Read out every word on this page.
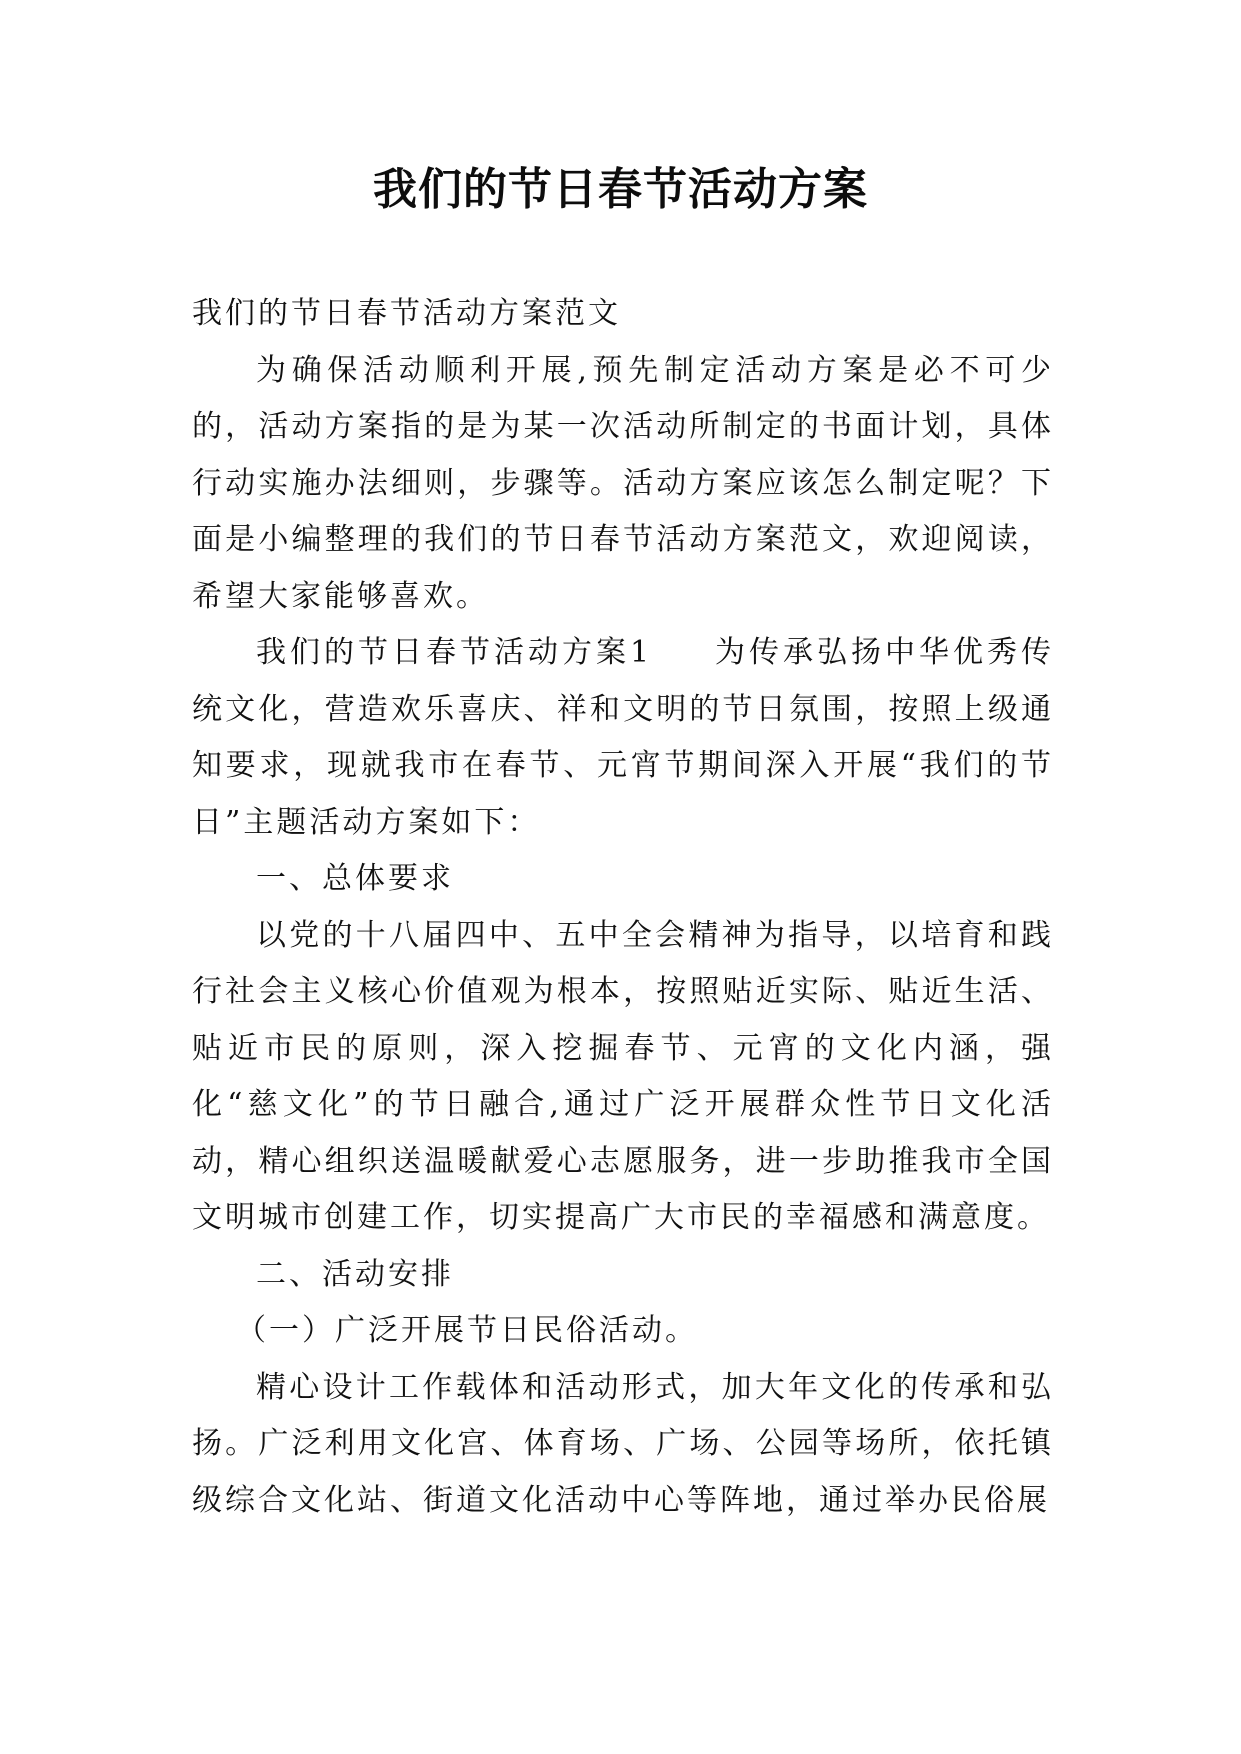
我们的节日春节活动方案

我们的节日春节活动方案范文

为确保活动顺利开展,预先制定活动方案是必不可少的，活动方案指的是为某一次活动所制定的书面计划，具体行动实施办法细则，步骤等。活动方案应该怎么制定呢？下面是小编整理的我们的节日春节活动方案范文，欢迎阅读，希望大家能够喜欢。

我们的节日春节活动方案1 为传承弘扬中华优秀传统文化，营造欢乐喜庆、祥和文明的节日氛围，按照上级通知要求，现就我市在春节、元宵节期间深入开展“我们的节日”主题活动方案如下：

一、总体要求

以党的十八届四中、五中全会精神为指导，以培育和践行社会主义核心价值观为根本，按照贴近实际、贴近生活、贴近市民的原则，深入挖掘春节、元宵的文化内涵，强化“慈文化”的节日融合,通过广泛开展群众性节日文化活动，精心组织送温暖献爱心志愿服务，进一步助推我市全国文明城市创建工作，切实提高广大市民的幸福感和满意度。

二、活动安排

（一）广泛开展节日民俗活动。

精心设计工作载体和活动形式，加大年文化的传承和弘扬。广泛利用文化宫、体育场、广场、公园等场所，依托镇级综合文化站、街道文化活动中心等阵地，通过举办民俗展
